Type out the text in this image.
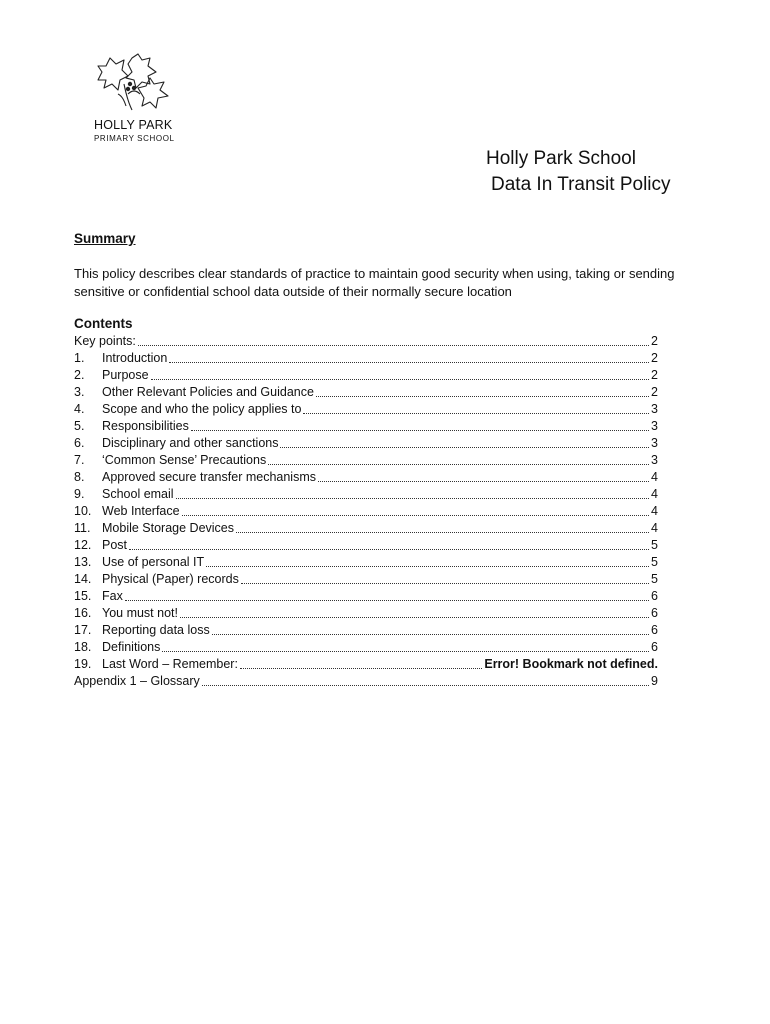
HOLLY PARK
PRIMARY SCHOOL
Holly Park School
Data In Transit Policy
Summary
This policy describes clear standards of practice to maintain good security when using, taking or sending sensitive or confidential school data outside of their normally secure location
Contents
Key points:	2
1.	Introduction	2
2.	Purpose	2
3.	Other Relevant Policies and Guidance	2
4.	Scope and who the policy applies to	3
5.	Responsibilities	3
6.	Disciplinary and other sanctions	3
7.	‘Common Sense’ Precautions	3
8.	Approved secure transfer mechanisms	4
9.	School email	4
10. Web Interface	4
11. Mobile Storage Devices	4
12. Post	5
13. Use of personal IT	5
14. Physical (Paper) records	5
15. Fax	6
16. You must not!	6
17. Reporting data loss	6
18. Definitions	6
19. Last Word – Remember:	Error! Bookmark not defined.
Appendix 1 – Glossary	9
